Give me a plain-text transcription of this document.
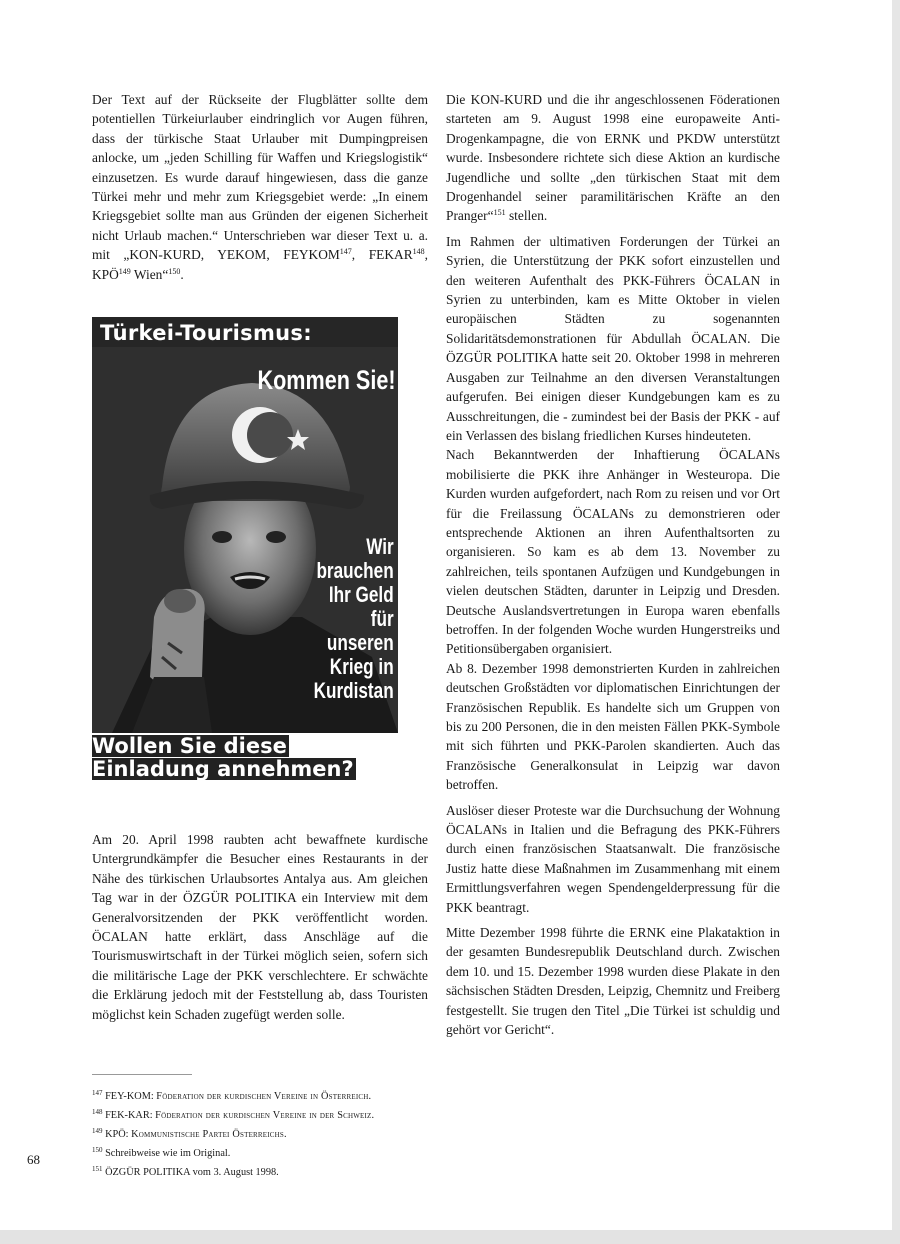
Der Text auf der Rückseite der Flugblätter sollte dem potentiellen Türkeiurlauber eindringlich vor Augen führen, dass der türkische Staat Urlauber mit Dumpingpreisen anlocke, um „jeden Schilling für Waffen und Kriegslogistik“ einzusetzen. Es wurde darauf hingewiesen, dass die ganze Türkei mehr und mehr zum Kriegsgebiet werde: „In einem Kriegsgebiet sollte man aus Gründen der eigenen Sicherheit nicht Urlaub machen.“ Unterschrieben war dieser Text u. a. mit „KON-KURD, YEKOM, FEYKOM$^{147}$, FEKAR$^{148}$, KPÖ$^{149}$ Wien“$^{150}$.

Türkei-Tourismus:
Kommen Sie!
Wir
brauchen
Ihr Geld
für
unseren
Krieg in
Kurdistan
Wollen Sie diese
Einladung annehmen?

Am 20. April 1998 raubten acht bewaffnete kurdische Untergrundkämpfer die Besucher eines Restaurants in der Nähe des türkischen Urlaubsortes Antalya aus. Am gleichen Tag war in der ÖZGÜR POLITIKA ein Interview mit dem Generalvorsitzenden der PKK veröffentlicht worden. ÖCALAN hatte erklärt, dass Anschläge auf die Tourismuswirtschaft in der Türkei möglich seien, sofern sich die militärische Lage der PKK verschlechtere. Er schwächte die Erklärung jedoch mit der Feststellung ab, dass Touristen möglichst kein Schaden zugefügt werden solle.

Die KON-KURD und die ihr angeschlossenen Föderationen starteten am 9. August 1998 eine europaweite Anti-Drogenkampagne, die von ERNK und PKDW unterstützt wurde. Insbesondere richtete sich diese Aktion an kurdische Jugendliche und sollte „den türkischen Staat mit dem Drogenhandel seiner paramilitärischen Kräfte an den Pranger“$^{151}$ stellen.

Im Rahmen der ultimativen Forderungen der Türkei an Syrien, die Unterstützung der PKK sofort einzustellen und den weiteren Aufenthalt des PKK-Führers ÖCALAN in Syrien zu unterbinden, kam es Mitte Oktober in vielen europäischen Städten zu sogenannten Solidaritätsdemonstrationen für Abdullah ÖCALAN. Die ÖZGÜR POLITIKA hatte seit 20. Oktober 1998 in mehreren Ausgaben zur Teilnahme an den diversen Veranstaltungen aufgerufen. Bei einigen dieser Kundgebungen kam es zu Ausschreitungen, die - zumindest bei der Basis der PKK - auf ein Verlassen des bislang friedlichen Kurses hindeuteten.

Nach Bekanntwerden der Inhaftierung ÖCALANs mobilisierte die PKK ihre Anhänger in Westeuropa. Die Kurden wurden aufgefordert, nach Rom zu reisen und vor Ort für die Freilassung ÖCALANs zu demonstrieren oder entsprechende Aktionen an ihren Aufenthaltsorten zu organisieren. So kam es ab dem 13. November zu zahlreichen, teils spontanen Aufzügen und Kundgebungen in vielen deutschen Städten, darunter in Leipzig und Dresden. Deutsche Auslandsvertretungen in Europa waren ebenfalls betroffen. In der folgenden Woche wurden Hungerstreiks und Petitionsübergaben organisiert.

Ab 8. Dezember 1998 demonstrierten Kurden in zahlreichen deutschen Großstädten vor diplomatischen Einrichtungen der Französischen Republik. Es handelte sich um Gruppen von bis zu 200 Personen, die in den meisten Fällen PKK-Symbole mit sich führten und PKK-Parolen skandierten. Auch das Französische Generalkonsulat in Leipzig war davon betroffen.

Auslöser dieser Proteste war die Durchsuchung der Wohnung ÖCALANs in Italien und die Befragung des PKK-Führers durch einen französischen Staatsanwalt. Die französische Justiz hatte diese Maßnahmen im Zusammenhang mit einem Ermittlungsverfahren wegen Spendengelderpressung für die PKK beantragt.

Mitte Dezember 1998 führte die ERNK eine Plakataktion in der gesamten Bundesrepublik Deutschland durch. Zwischen dem 10. und 15. Dezember 1998 wurden diese Plakate in den sächsischen Städten Dresden, Leipzig, Chemnitz und Freiberg festgestellt. Sie trugen den Titel „Die Türkei ist schuldig und gehört vor Gericht“.

$^{147}$ FEY-KOM: Föderation der kurdischen Vereine in Österreich.
$^{148}$ FEK-KAR: Föderation der kurdischen Vereine in der Schweiz.
$^{149}$ KPÖ: Kommunistische Partei Österreichs.
$^{150}$ Schreibweise wie im Original.
$^{151}$ ÖZGÜR POLITIKA vom 3. August 1998.
68
